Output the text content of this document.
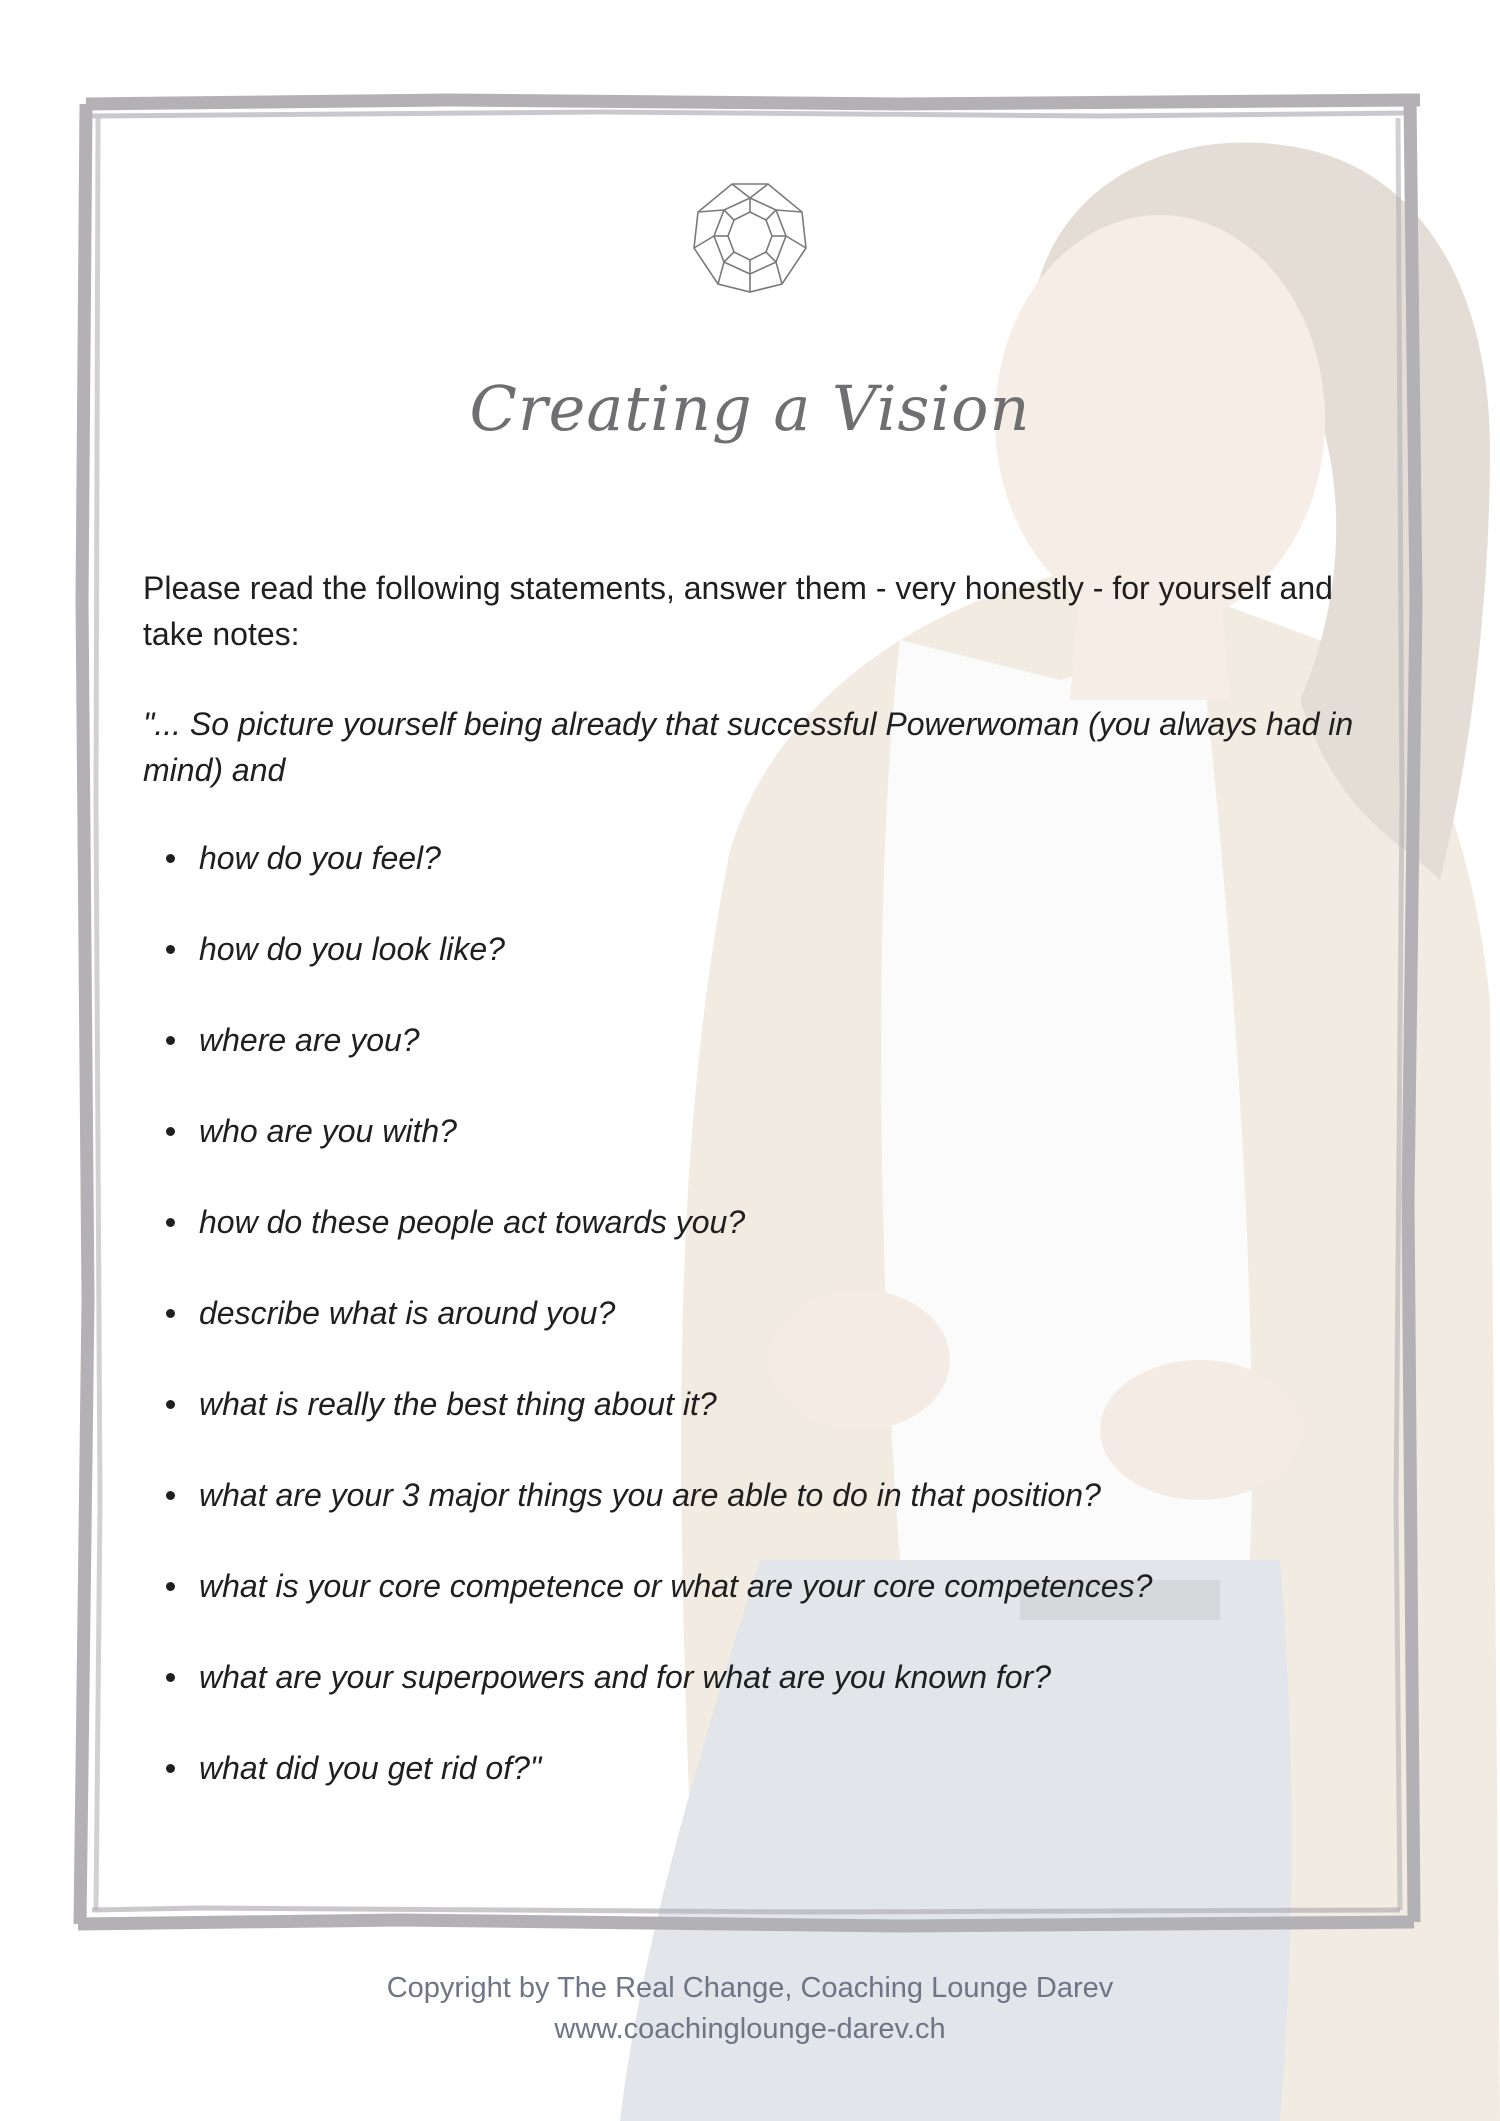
Creating a Vision

Please read the following statements, answer them - very honestly - for yourself and take notes:

"... So picture yourself being already that successful Powerwoman (you always had in mind) and

how do you feel?
how do you look like?
where are you?
who are you with?
how do these people act towards you?
describe what is around you?
what is really the best thing about it?
what are your 3 major things you are able to do in that position?
what is your core competence or what are your core competences?
what are your superpowers and for what are you known for?
what did you get rid of?"
Copyright by The Real Change, Coaching Lounge Darev
www.coachinglounge-darev.ch
